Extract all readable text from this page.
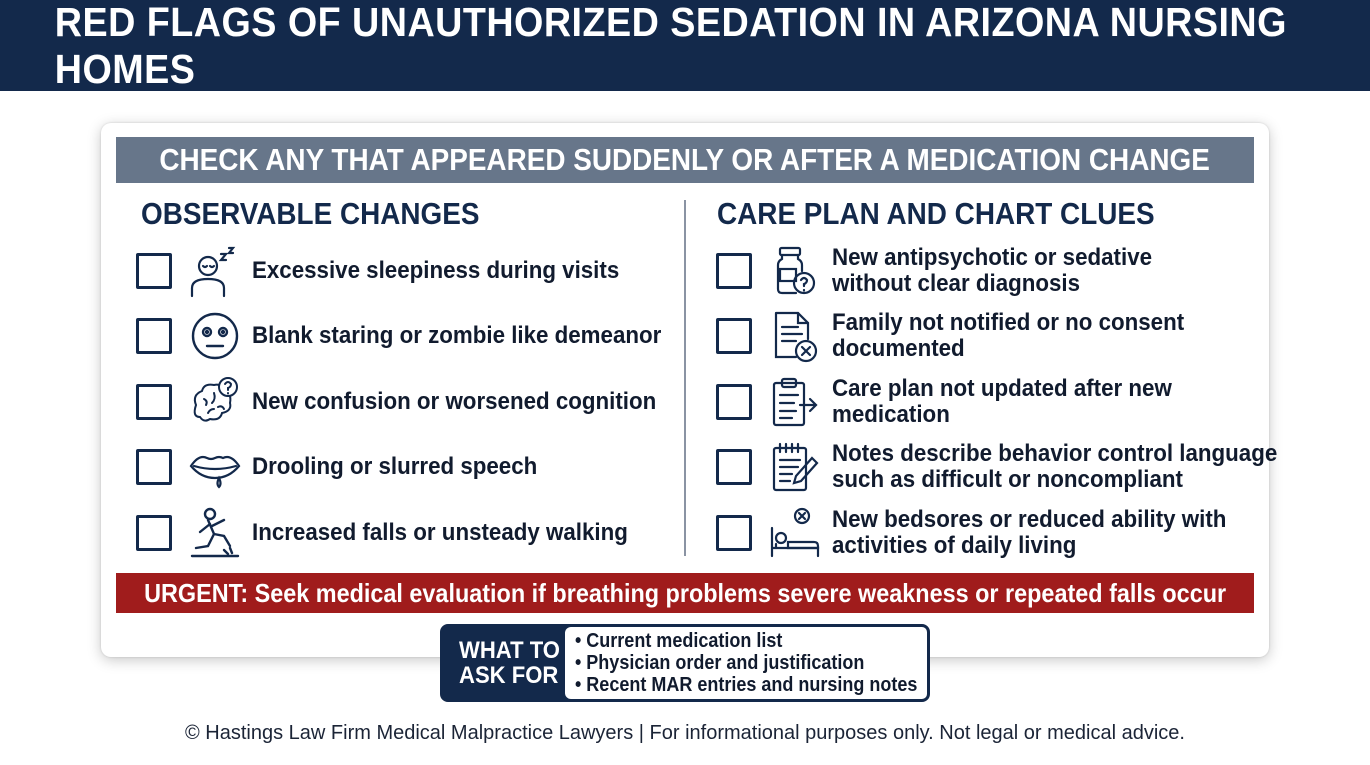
RED FLAGS OF UNAUTHORIZED SEDATION IN ARIZONA NURSING HOMES
CHECK ANY THAT APPEARED SUDDENLY OR AFTER A MEDICATION CHANGE
OBSERVABLE CHANGES	CARE PLAN AND CHART CLUES
Excessive sleepiness during visits
Blank staring or zombie like demeanor
New confusion or worsened cognition
Drooling or slurred speech
Increased falls or unsteady walking
New antipsychotic or sedative
without clear diagnosis
Family not notified or no consent
documented
Care plan not updated after new
medication
Notes describe behavior control language
such as difficult or noncompliant
New bedsores or reduced ability with
activities of daily living
URGENT: Seek medical evaluation if breathing problems severe weakness or repeated falls occur
WHAT TO
ASK FOR
• Current medication list
• Physician order and justification
• Recent MAR entries and nursing notes
© Hastings Law Firm Medical Malpractice Lawyers | For informational purposes only. Not legal or medical advice.
